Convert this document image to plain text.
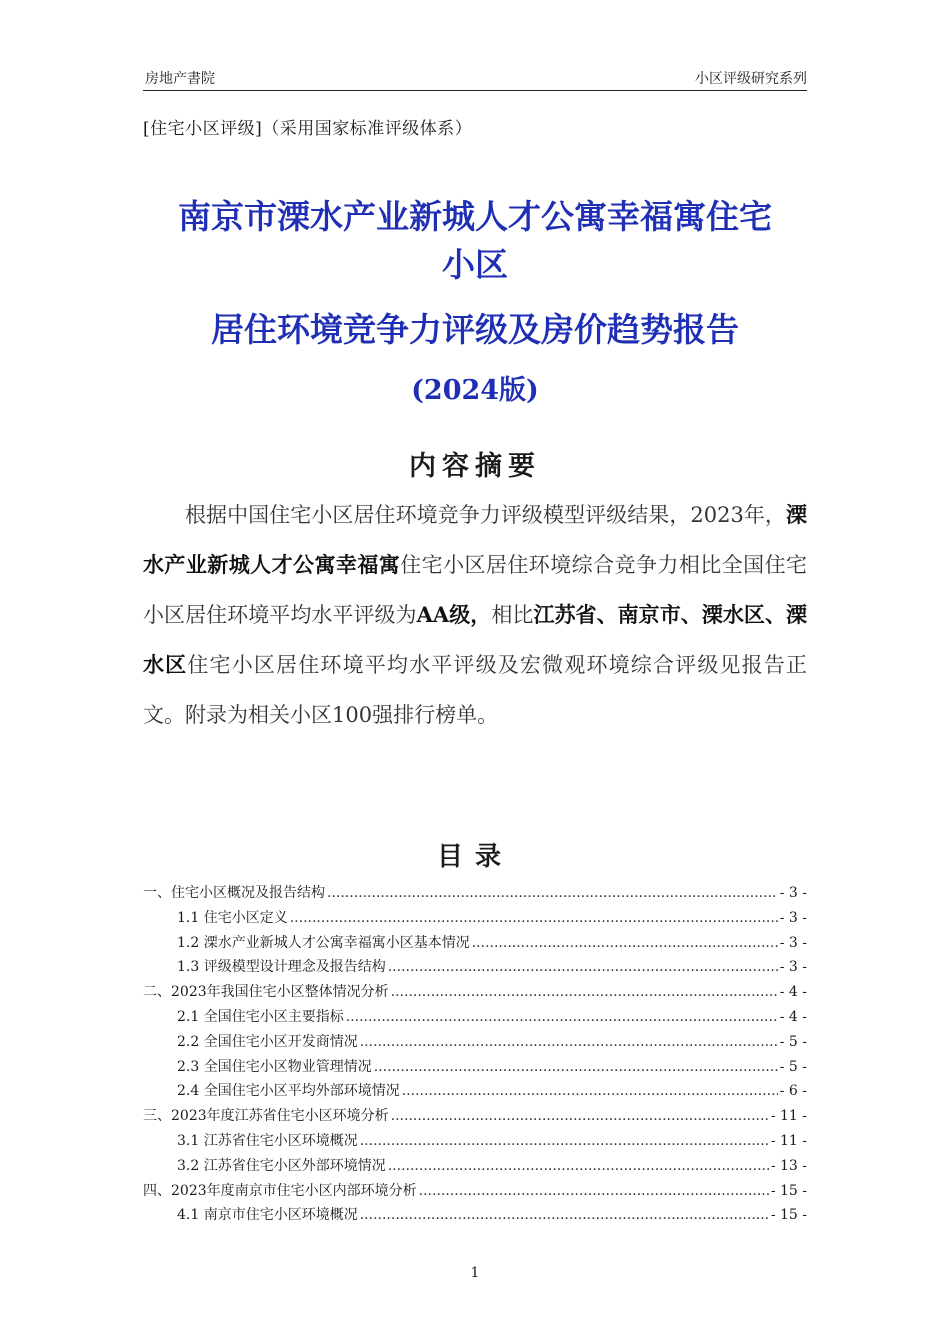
房地产書院	小区评级研究系列
[住宅小区评级]（采用国家标准评级体系）
南京市溧水产业新城人才公寓幸福寓住宅
小区
居住环境竞争力评级及房价趋势报告
(2024版)
内容摘要
根据中国住宅小区居住环境竞争力评级模型评级结果，2023年，溧水产业新城人才公寓幸福寓住宅小区居住环境综合竞争力相比全国住宅小区居住环境平均水平评级为AA级，相比江苏省、南京市、溧水区、溧水区住宅小区居住环境平均水平评级及宏微观环境综合评级见报告正文。附录为相关小区100强排行榜单。
目录
一、住宅小区概况及报告结构 .....	- 3 -
1.1 住宅小区定义 .....	- 3 -
1.2 溧水产业新城人才公寓幸福寓小区基本情况 .....	- 3 -
1.3 评级模型设计理念及报告结构 .....	- 3 -
二、2023年我国住宅小区整体情况分析 .....	- 4 -
2.1 全国住宅小区主要指标 .....	- 4 -
2.2 全国住宅小区开发商情况 .....	- 5 -
2.3 全国住宅小区物业管理情况 .....	- 5 -
2.4 全国住宅小区平均外部环境情况 .....	- 6 -
三、2023年度江苏省住宅小区环境分析 .....	- 11 -
3.1 江苏省住宅小区环境概况 .....	- 11 -
3.2 江苏省住宅小区外部环境情况 .....	- 13 -
四、2023年度南京市住宅小区内部环境分析 .....	- 15 -
4.1 南京市住宅小区环境概况 .....	- 15 -
1
